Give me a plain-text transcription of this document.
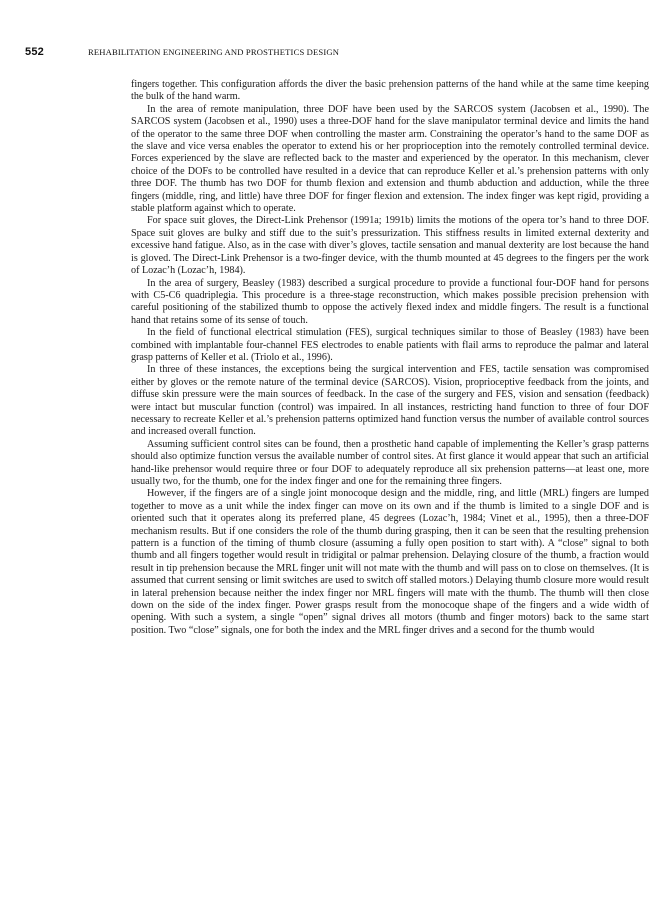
552	REHABILITATION ENGINEERING AND PROSTHETICS DESIGN

fingers together. This configuration affords the diver the basic prehension patterns of the hand while at the same time keeping the bulk of the hand warm.

In the area of remote manipulation, three DOF have been used by the SARCOS system (Jacobsen et al., 1990). The SARCOS system (Jacobsen et al., 1990) uses a three-DOF hand for the slave manipulator terminal device and limits the hand of the operator to the same three DOF when controlling the master arm. Constraining the operator’s hand to the same DOF as the slave and vice versa enables the operator to extend his or her proprioception into the remotely controlled terminal device. Forces experienced by the slave are reflected back to the master and experienced by the operator. In this mechanism, clever choice of the DOFs to be controlled have resulted in a device that can reproduce Keller et al.’s prehension patterns with only three DOF. The thumb has two DOF for thumb flexion and extension and thumb abduction and adduction, while the three fingers (middle, ring, and little) have three DOF for finger flexion and extension. The index finger was kept rigid, providing a stable platform against which to operate.

For space suit gloves, the Direct-Link Prehensor (1991a; 1991b) limits the motions of the opera tor’s hand to three DOF. Space suit gloves are bulky and stiff due to the suit’s pressurization. This stiffness results in limited external dexterity and excessive hand fatigue. Also, as in the case with diver’s gloves, tactile sensation and manual dexterity are lost because the hand is gloved. The Direct-Link Prehensor is a two-finger device, with the thumb mounted at 45 degrees to the fingers per the work of Lozac’h (Lozac’h, 1984).

In the area of surgery, Beasley (1983) described a surgical procedure to provide a functional four-DOF hand for persons with C5-C6 quadriplegia. This procedure is a three-stage reconstruction, which makes possible precision prehension with careful positioning of the stabilized thumb to oppose the actively flexed index and middle fingers. The result is a functional hand that retains some of its sense of touch.

In the field of functional electrical stimulation (FES), surgical techniques similar to those of Beasley (1983) have been combined with implantable four-channel FES electrodes to enable patients with flail arms to reproduce the palmar and lateral grasp patterns of Keller et al. (Triolo et al., 1996).

In three of these instances, the exceptions being the surgical intervention and FES, tactile sensation was compromised either by gloves or the remote nature of the terminal device (SARCOS). Vision, proprioceptive feedback from the joints, and diffuse skin pressure were the main sources of feedback. In the case of the surgery and FES, vision and sensation (feedback) were intact but muscular function (control) was impaired. In all instances, restricting hand function to three of four DOF necessary to recreate Keller et al.’s prehension patterns optimized hand function versus the number of available control sources and increased overall function.

Assuming sufficient control sites can be found, then a prosthetic hand capable of implementing the Keller’s grasp patterns should also optimize function versus the available number of control sites. At first glance it would appear that such an artificial hand-like prehensor would require three or four DOF to adequately reproduce all six prehension patterns—at least one, more usually two, for the thumb, one for the index finger and one for the remaining three fingers.

However, if the fingers are of a single joint monocoque design and the middle, ring, and little (MRL) fingers are lumped together to move as a unit while the index finger can move on its own and if the thumb is limited to a single DOF and is oriented such that it operates along its preferred plane, 45 degrees (Lozac’h, 1984; Vinet et al., 1995), then a three-DOF mechanism results. But if one considers the role of the thumb during grasping, then it can be seen that the resulting prehension pattern is a function of the timing of thumb closure (assuming a fully open position to start with). A “close” signal to both thumb and all fingers together would result in tridigital or palmar prehension. Delaying closure of the thumb, a fraction would result in tip prehension because the MRL finger unit will not mate with the thumb and will pass on to close on themselves. (It is assumed that current sensing or limit switches are used to switch off stalled motors.) Delaying thumb closure more would result in lateral prehension because neither the index finger nor MRL fingers will mate with the thumb. The thumb will then close down on the side of the index finger. Power grasps result from the monocoque shape of the fingers and a wide width of opening. With such a system, a single “open” signal drives all motors (thumb and finger motors) back to the same start position. Two “close” signals, one for both the index and the MRL finger drives and a second for the thumb would
